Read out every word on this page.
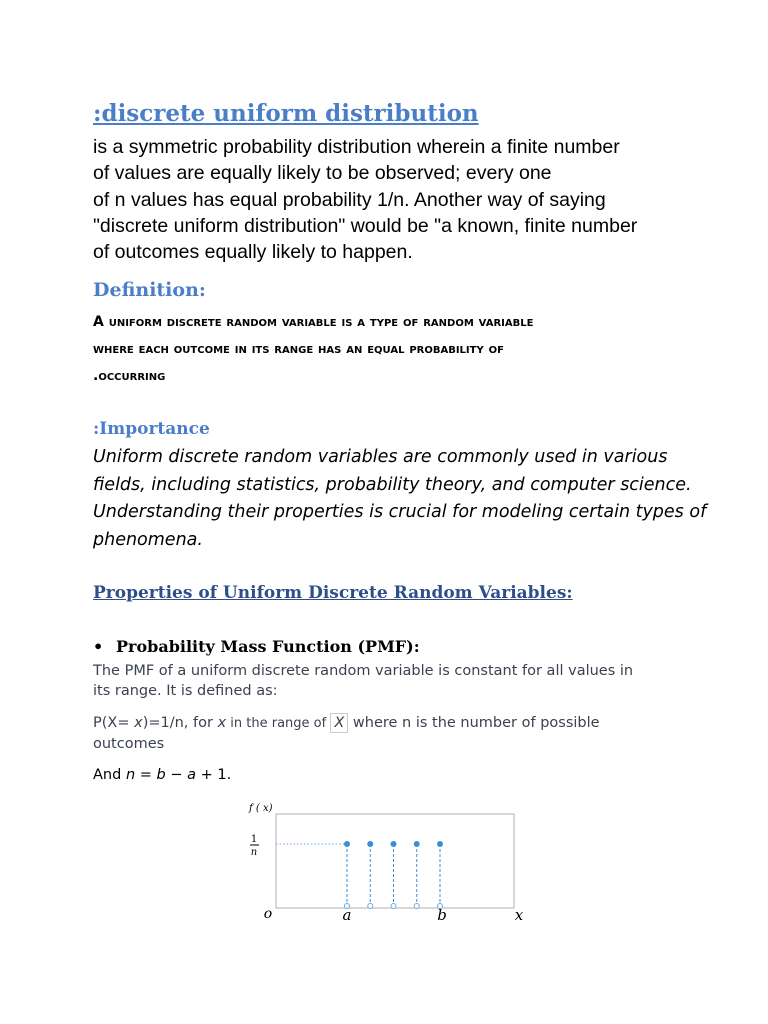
:discrete uniform distribution

is a symmetric probability distribution wherein a finite number

of values are equally likely to be observed; every one

of n values has equal probability 1/n. Another way of saying

"discrete uniform distribution" would be "a known, finite number

of outcomes equally likely to happen.

Definition:

A uniform discrete random variable is a type of random variable

where each outcome in its range has an equal probability of

.occurring

:Importance

Uniform discrete random variables are commonly used in various

fields, including statistics, probability theory, and computer science.

Understanding their properties is crucial for modeling certain types of

phenomena.

Properties of Uniform Discrete Random Variables:
• Probability Mass Function (PMF):

The PMF of a uniform discrete random variable is constant for all values in

its range. It is defined as:

P(X= x)=1/n, for x in the range of X where n is the number of possible

outcomes

And n = b − a + 1.
f ( x)
1
n
o	a	b	x
